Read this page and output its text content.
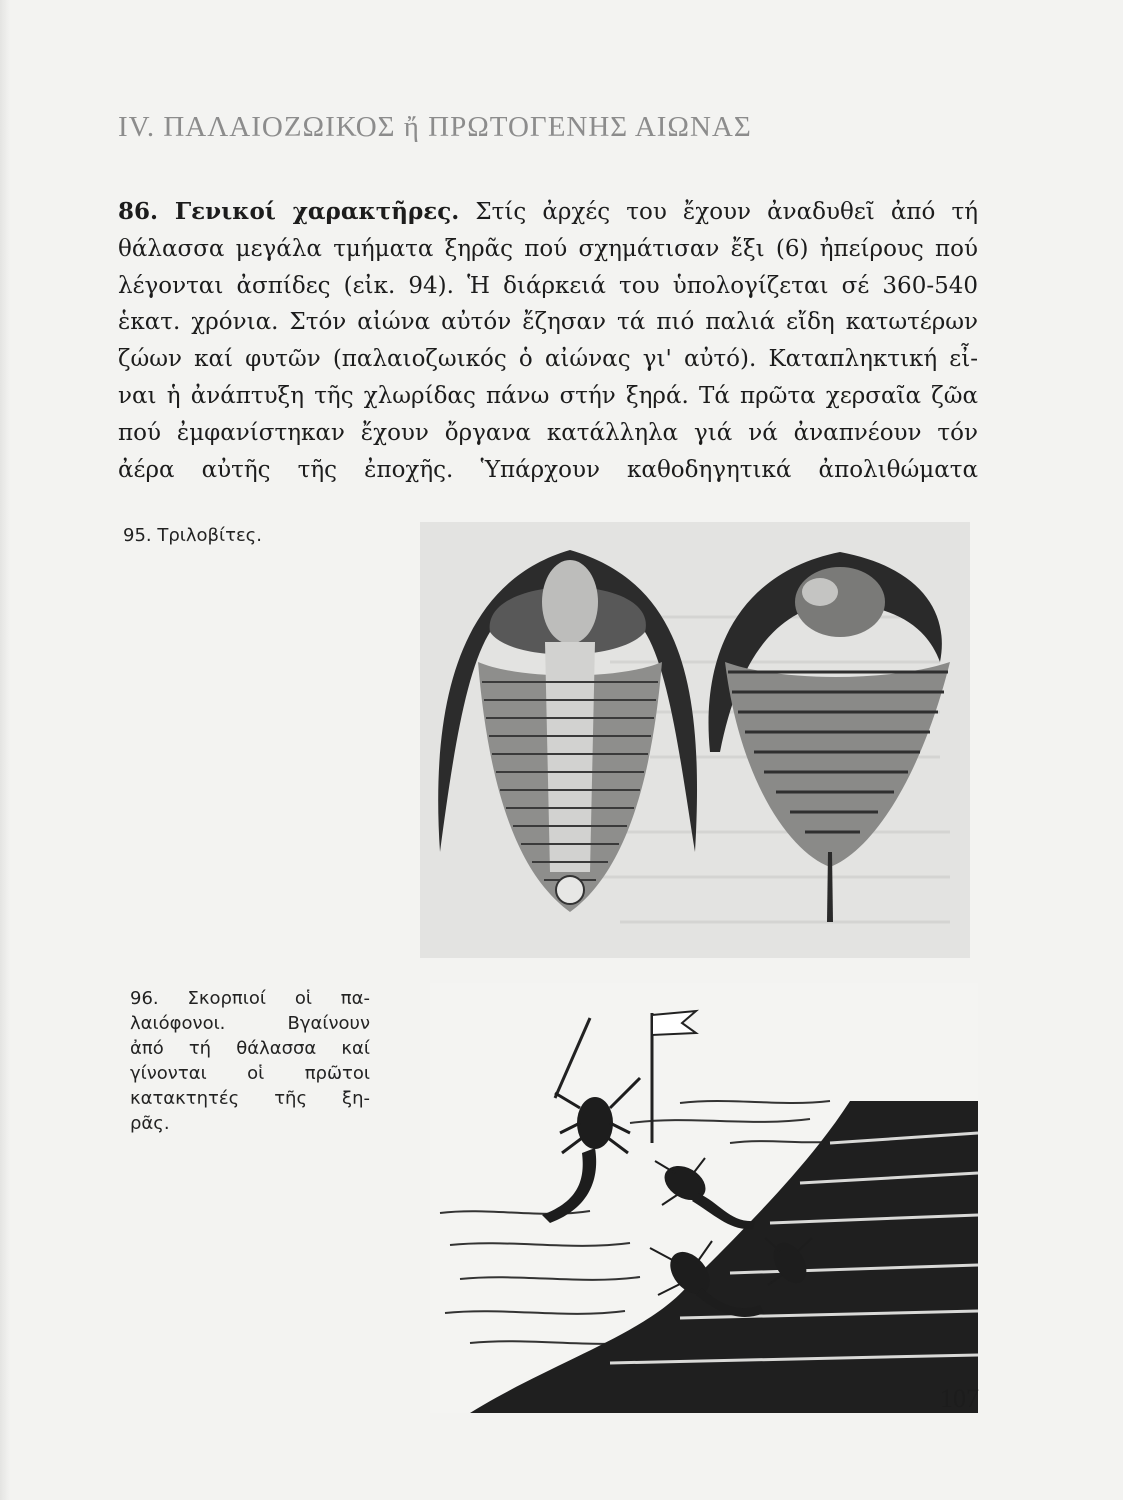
IV. ΠΑΛΑΙΟΖΩΙΚΟΣ ἤ ΠΡΩΤΟΓΕΝΗΣ ΑΙΩΝΑΣ
86. Γενικοί χαρακτῆρες. Στίς ἀρχές του ἔχουν ἀναδυθεῖ ἀπό τή
θάλασσα μεγάλα τμήματα ξηρᾶς πού σχημάτισαν ἔξι (6) ἠπείρους πού
λέγονται ἀσπίδες (εἰκ. 94). Ἡ διάρκειά του ὑπολογίζεται σέ 360-540
ἑκατ. χρόνια. Στόν αἰώνα αὐτόν ἔζησαν τά πιό παλιά εἴδη κατωτέρων
ζώων καί φυτῶν (παλαιοζωικός ὁ αἰώνας γι' αὐτό). Καταπληκτική εἶ-
ναι ἡ ἀνάπτυξη τῆς χλωρίδας πάνω στήν ξηρά. Τά πρῶτα χερσαῖα ζῶα
πού ἐμφανίστηκαν ἔχουν ὄργανα κατάλληλα γιά νά ἀναπνέουν τόν
ἀέρα αὐτῆς τῆς ἐποχῆς. Ὑπάρχουν καθοδηγητικά ἀπολιθώματα
95. Τριλοβίτες.
96. Σκορπιοί οἱ πα-
λαιόφονοι. Βγαίνουν
ἀπό τή θάλασσα καί
γίνονται οἱ πρῶτοι
κατακτητές τῆς ξη-
ρᾶς.
107
